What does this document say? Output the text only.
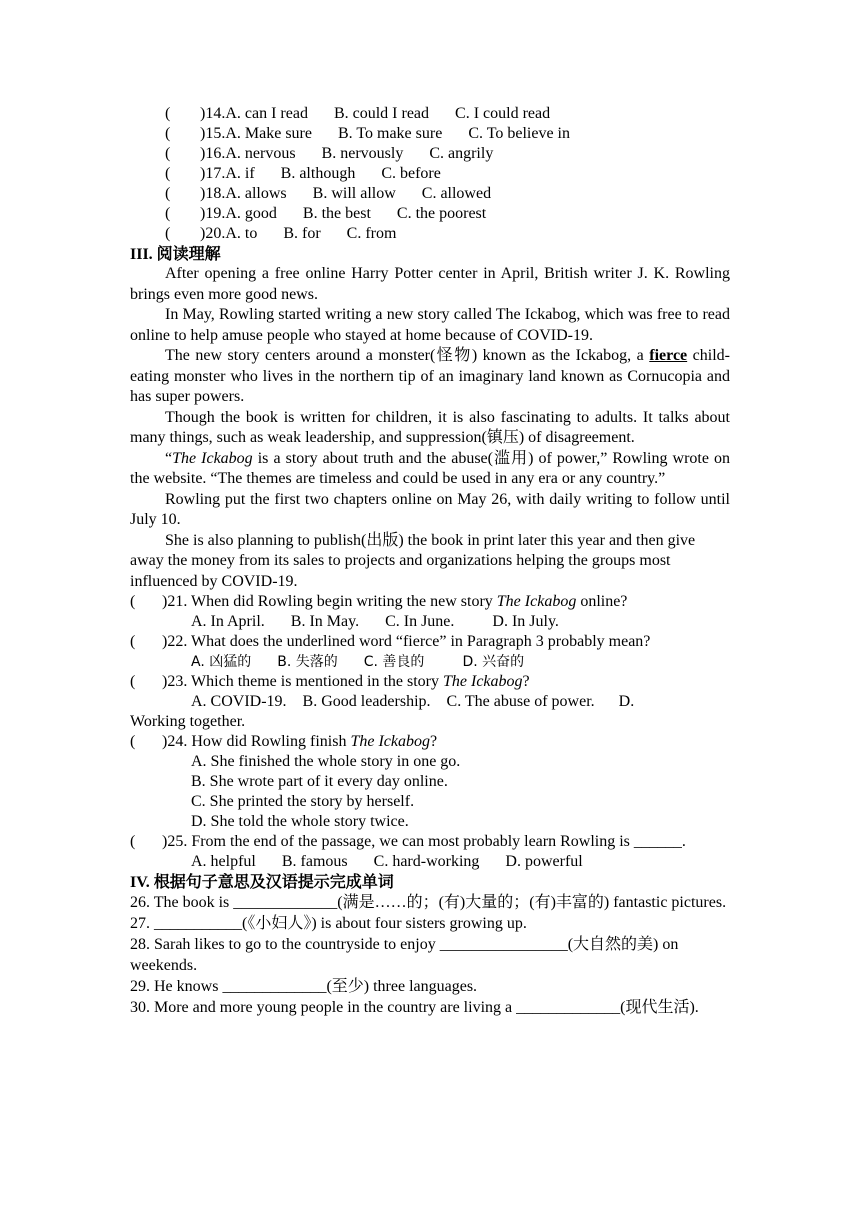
( )14.A. can I read B. could I read C. I could read
( )15.A. Make sure B. To make sure C. To believe in
( )16.A. nervous B. nervously C. angrily
( )17.A. if B. although C. before
( )18.A. allows B. will allow C. allowed
( )19.A. good B. the best C. the poorest
( )20.A. to B. for C. from
III. 阅读理解

After opening a free online Harry Potter center in April, British writer J. K. Rowling brings even more good news.

In May, Rowling started writing a new story called The Ickabog, which was free to read online to help amuse people who stayed at home because of COVID-19.

The new story centers around a monster(怪物) known as the Ickabog, a fierce child-eating monster who lives in the northern tip of an imaginary land known as Cornucopia and has super powers.

Though the book is written for children, it is also fascinating to adults. It talks about many things, such as weak leadership, and suppression(镇压) of disagreement.

“The Ickabog is a story about truth and the abuse(滥用) of power,” Rowling wrote on the website. “The themes are timeless and could be used in any era or any country.”

Rowling put the first two chapters online on May 26, with daily writing to follow until July 10.

She is also planning to publish(出版) the book in print later this year and then give away the money from its sales to projects and organizations helping the groups most influenced by COVID-19.

( )21. When did Rowling begin writing the new story The Ickabog online?
A. In April. B. In May. C. In June. D. In July.
( )22. What does the underlined word “fierce” in Paragraph 3 probably mean?
A. 凶猛的 B. 失落的 C. 善良的	D. 兴奋的
( )23. Which theme is mentioned in the story The Ickabog?
A. COVID-19.    B. Good leadership.    C. The abuse of power.      D.
Working together.
( )24. How did Rowling finish The Ickabog?
A. She finished the whole story in one go.
B. She wrote part of it every day online.
C. She printed the story by herself.
D. She told the whole story twice.
( )25. From the end of the passage, we can most probably learn Rowling is ______.
A. helpful B. famous C. hard-working D. powerful
IV. 根据句子意思及汉语提示完成单词

26. The book is _____________(满是……的；(有)大量的；(有)丰富的) fantastic pictures.

27. ___________(《小妇人》) is about four sisters growing up.

28. Sarah likes to go to the countryside to enjoy ________________(大自然的美) on weekends.

29. He knows _____________(至少) three languages.

30. More and more young people in the country are living a _____________(现代生活).
